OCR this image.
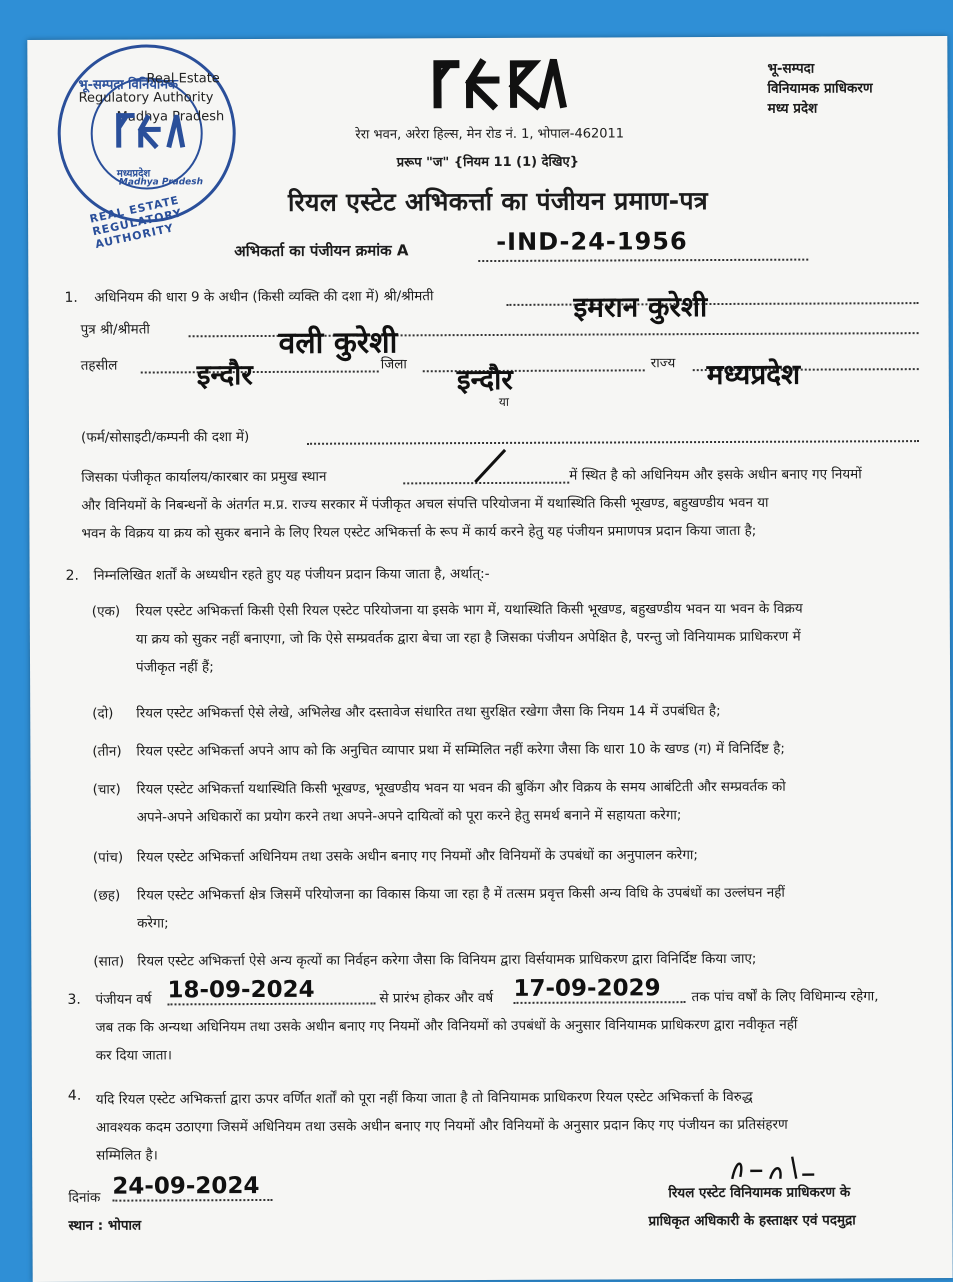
भू-सम्पदा विनियामक
Real Estate
Regulatory Authority
Madhya Pradesh
मध्यप्रदेश
Madhya Pradesh
REAL ESTATE REGULATORY AUTHORITY
रेरा भवन, अरेरा हिल्स, मेन रोड नं. 1, भोपाल-462011
प्ररूप "ज" {नियम 11 (1) देखिए}
भू-सम्पदा
विनियामक प्राधिकरण
मध्य प्रदेश
रियल एस्टेट अभिकर्त्ता का पंजीयन प्रमाण-पत्र
अभिकर्ता का पंजीयन क्रमांक A	-IND-24-1956
1. अधिनियम की धारा 9 के अधीन (किसी व्यक्ति की दशा में) श्री/श्रीमती	इमरान कुरेशी
पुत्र श्री/श्रीमती	वली कुरेशी
तहसील	इन्दौर	जिला इन्दौर
या
राज्य मध्यप्रदेश
(फर्म/सोसाइटी/कम्पनी की दशा में)
जिसका पंजीकृत कार्यालय/कारबार का प्रमुख स्थान	में स्थित है को अधिनियम और इसके अधीन बनाए गए नियमों
और विनियमों के निबन्धनों के अंतर्गत म.प्र. राज्य सरकार में पंजीकृत अचल संपत्ति परियोजना में यथास्थिति किसी भूखण्ड, बहुखण्डीय भवन या
भवन के विक्रय या क्रय को सुकर बनाने के लिए रियल एस्टेट अभिकर्त्ता के रूप में कार्य करने हेतु यह पंजीयन प्रमाणपत्र प्रदान किया जाता है;
2. निम्नलिखित शर्तों के अध्यधीन रहते हुए यह पंजीयन प्रदान किया जाता है, अर्थात्:-
(एक) रियल एस्टेट अभिकर्त्ता किसी ऐसी रियल एस्टेट परियोजना या इसके भाग में, यथास्थिति किसी भूखण्ड, बहुखण्डीय भवन या भवन के विक्रय
या क्रय को सुकर नहीं बनाएगा, जो कि ऐसे सम्प्रवर्तक द्वारा बेचा जा रहा है जिसका पंजीयन अपेक्षित है, परन्तु जो विनियामक प्राधिकरण में
पंजीकृत नहीं हैं;
(दो) रियल एस्टेट अभिकर्त्ता ऐसे लेखे, अभिलेख और दस्तावेज संधारित तथा सुरक्षित रखेगा जैसा कि नियम 14 में उपबंधित है;
(तीन) रियल एस्टेट अभिकर्त्ता अपने आप को कि अनुचित व्यापार प्रथा में सम्मिलित नहीं करेगा जैसा कि धारा 10 के खण्ड (ग) में विनिर्दिष्ट है;
(चार) रियल एस्टेट अभिकर्त्ता यथास्थिति किसी भूखण्ड, भूखण्डीय भवन या भवन की बुकिंग और विक्रय के समय आबंटिती और सम्प्रवर्तक को
अपने-अपने अधिकारों का प्रयोग करने तथा अपने-अपने दायित्वों को पूरा करने हेतु समर्थ बनाने में सहायता करेगा;
(पांच) रियल एस्टेट अभिकर्त्ता अधिनियम तथा उसके अधीन बनाए गए नियमों और विनियमों के उपबंधों का अनुपालन करेगा;
(छह) रियल एस्टेट अभिकर्त्ता क्षेत्र जिसमें परियोजना का विकास किया जा रहा है में तत्सम प्रवृत्त किसी अन्य विधि के उपबंधों का उल्लंघन नहीं
करेगा;
(सात) रियल एस्टेट अभिकर्त्ता ऐसे अन्य कृत्यों का निर्वहन करेगा जैसा कि विनियम द्वारा विर्सयामक प्राधिकरण द्वारा विनिर्दिष्ट किया जाए;
3. पंजीयन वर्ष 18-09-2024	से प्रारंभ होकर और वर्ष 17-09-2029 तक पांच वर्षों के लिए विधिमान्य रहेगा,
जब तक कि अन्यथा अधिनियम तथा उसके अधीन बनाए गए नियमों और विनियमों को उपबंधों के अनुसार विनियामक प्राधिकरण द्वारा नवीकृत नहीं
कर दिया जाता।
4. यदि रियल एस्टेट अभिकर्त्ता द्वारा ऊपर वर्णित शर्तों को पूरा नहीं किया जाता है तो विनियामक प्राधिकरण रियल एस्टेट अभिकर्त्ता के विरुद्ध
आवश्यक कदम उठाएगा जिसमें अधिनियम तथा उसके अधीन बनाए गए नियमों और विनियमों के अनुसार प्रदान किए गए पंजीयन का प्रतिसंहरण
सम्मिलित है।
दिनांक 24-09-2024
स्थान : भोपाल
रियल एस्टेट विनियामक प्राधिकरण के
प्राधिकृत अधिकारी के हस्ताक्षर एवं पदमुद्रा
